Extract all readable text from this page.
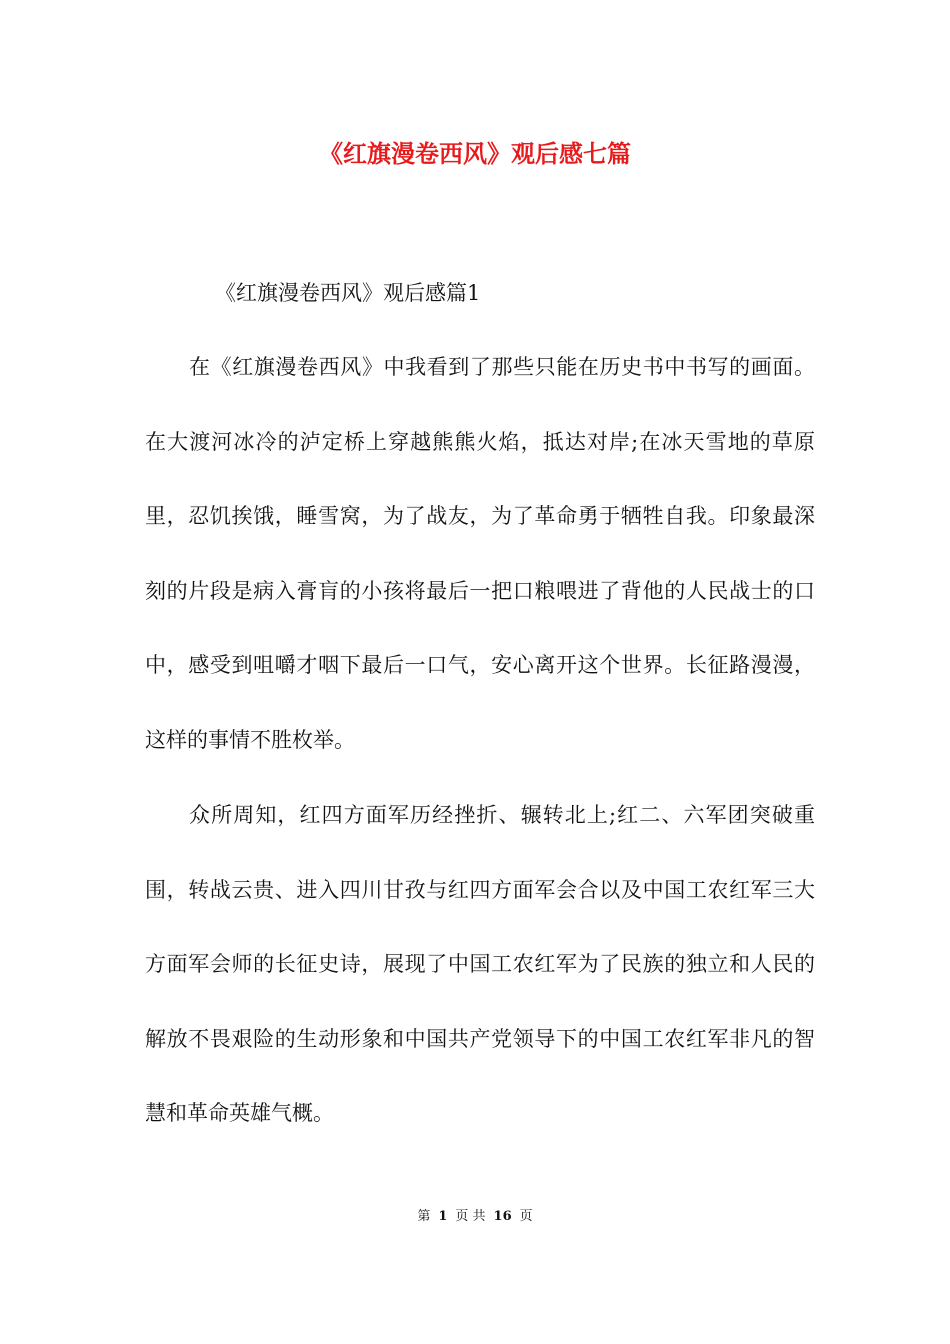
《红旗漫卷西风》观后感七篇
《红旗漫卷西风》观后感篇1

在《红旗漫卷西风》中我看到了那些只能在历史书中书写的画面。在大渡河冰冷的泸定桥上穿越熊熊火焰，抵达对岸;在冰天雪地的草原里，忍饥挨饿，睡雪窝，为了战友，为了革命勇于牺牲自我。印象最深刻的片段是病入膏肓的小孩将最后一把口粮喂进了背他的人民战士的口中，感受到咀嚼才咽下最后一口气，安心离开这个世界。长征路漫漫，这样的事情不胜枚举。

众所周知，红四方面军历经挫折、辗转北上;红二、六军团突破重围，转战云贵、进入四川甘孜与红四方面军会合以及中国工农红军三大方面军会师的长征史诗，展现了中国工农红军为了民族的独立和人民的解放不畏艰险的生动形象和中国共产党领导下的中国工农红军非凡的智慧和革命英雄气概。

第 1 页 共 16 页
